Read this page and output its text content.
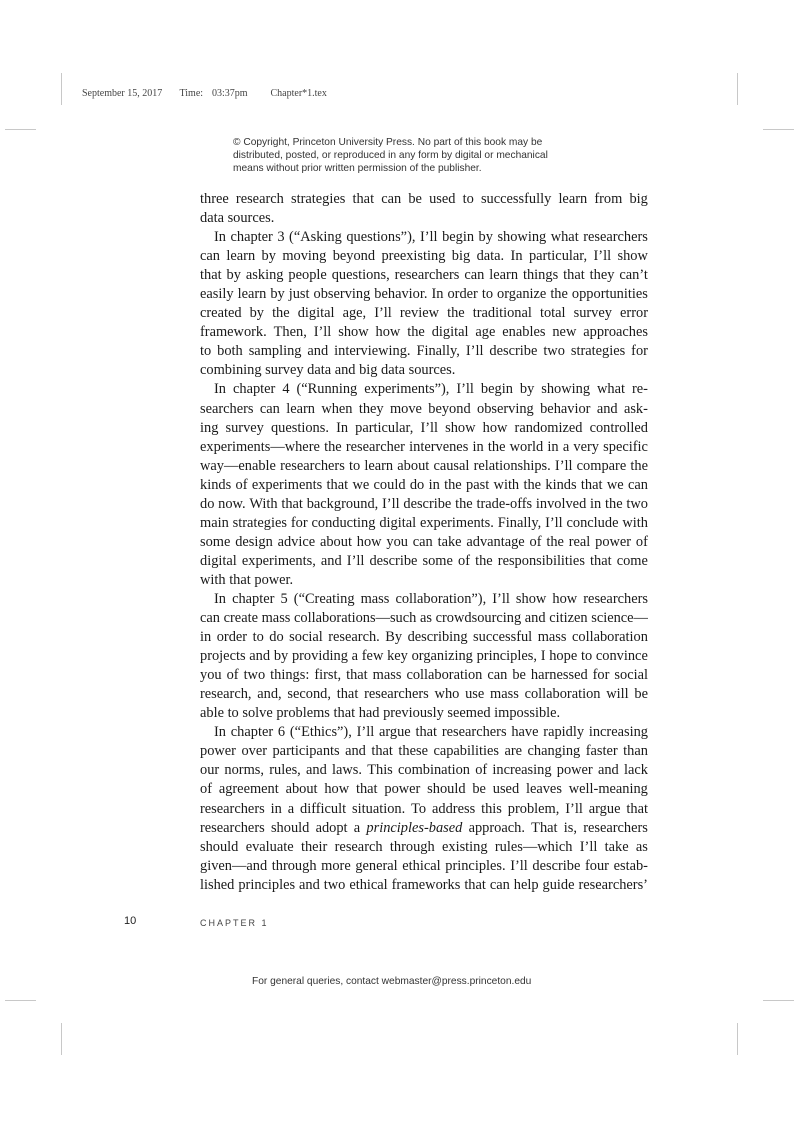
September 15, 2017 Time: 03:37pm Chapter*1.tex
© Copyright, Princeton University Press. No part of this book may be
distributed, posted, or reproduced in any form by digital or mechanical
means without prior written permission of the publisher.
three research strategies that can be used to successfully learn from big
data sources.
In chapter 3 (“Asking questions”), I’ll begin by showing what researchers
can learn by moving beyond preexisting big data. In particular, I’ll show
that by asking people questions, researchers can learn things that they can’t
easily learn by just observing behavior. In order to organize the opportunities
created by the digital age, I’ll review the traditional total survey error
framework. Then, I’ll show how the digital age enables new approaches
to both sampling and interviewing. Finally, I’ll describe two strategies for
combining survey data and big data sources.
In chapter 4 (“Running experiments”), I’ll begin by showing what re-
searchers can learn when they move beyond observing behavior and ask-
ing survey questions. In particular, I’ll show how randomized controlled
experiments—where the researcher intervenes in the world in a very specific
way—enable researchers to learn about causal relationships. I’ll compare the
kinds of experiments that we could do in the past with the kinds that we can
do now. With that background, I’ll describe the trade-offs involved in the two
main strategies for conducting digital experiments. Finally, I’ll conclude with
some design advice about how you can take advantage of the real power of
digital experiments, and I’ll describe some of the responsibilities that come
with that power.
In chapter 5 (“Creating mass collaboration”), I’ll show how researchers
can create mass collaborations—such as crowdsourcing and citizen science—
in order to do social research. By describing successful mass collaboration
projects and by providing a few key organizing principles, I hope to convince
you of two things: first, that mass collaboration can be harnessed for social
research, and, second, that researchers who use mass collaboration will be
able to solve problems that had previously seemed impossible.
In chapter 6 (“Ethics”), I’ll argue that researchers have rapidly increasing
power over participants and that these capabilities are changing faster than
our norms, rules, and laws. This combination of increasing power and lack
of agreement about how that power should be used leaves well-meaning
researchers in a difficult situation. To address this problem, I’ll argue that
researchers should adopt a principles-based approach. That is, researchers
should evaluate their research through existing rules—which I’ll take as
given—and through more general ethical principles. I’ll describe four estab-
lished principles and two ethical frameworks that can help guide researchers’
10	CHAPTER 1
For general queries, contact webmaster@press.princeton.edu
